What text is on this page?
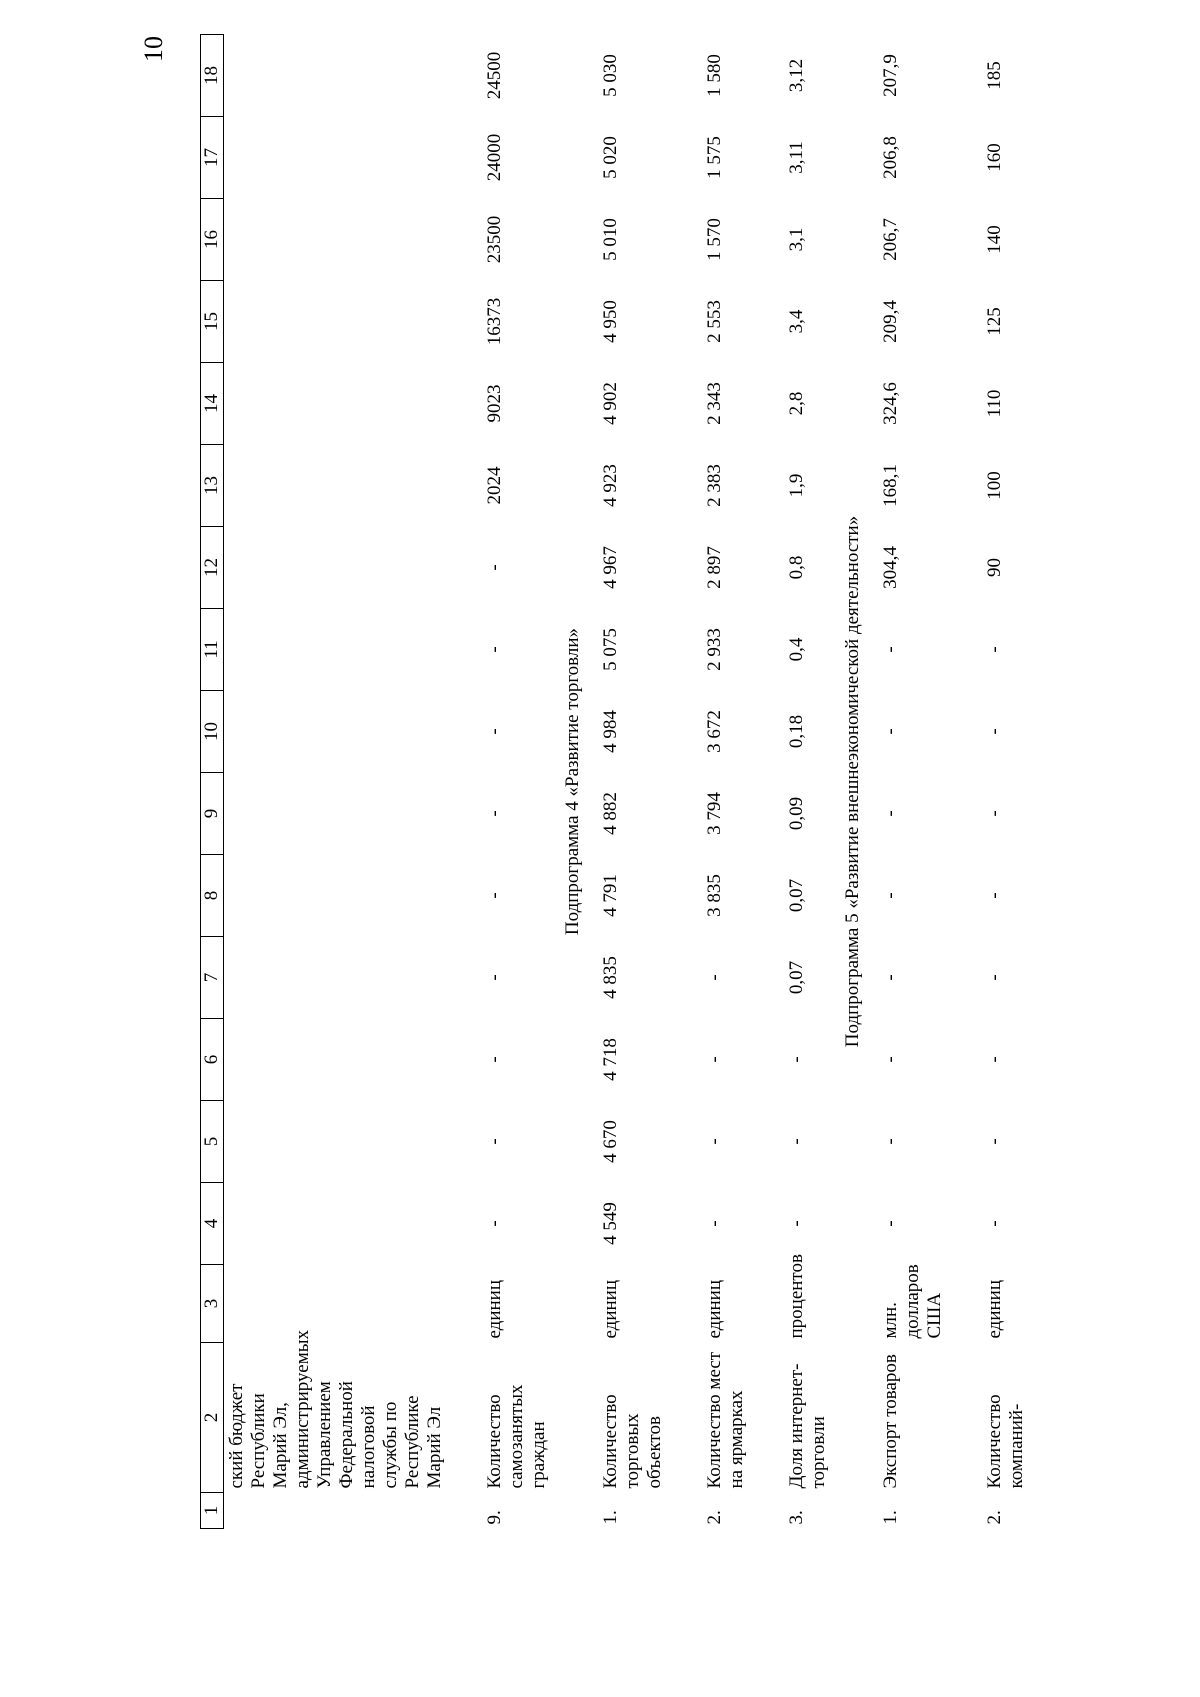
10
1	2	3	4	5	6	7	8	9	10	11	12	13	14	15	16	17	18
	ский бюджет Республики Марий Эл, администрируемых Управлением Федеральной налоговой службы по Республике Марий Эл																

9.	Количество самозанятых граждан	единиц	-	-	-	-	-	-	-	-	-	2024	9023	16373	23500	24000	24500
Подпрограмма 4 «Развитие торговли»																	
1.	Количество торговых объектов	единиц	4 549	4 670	4 718	4 835	4 791	4 882	4 984	5 075	4 967	4 923	4 902	4 950	5 010	5 020	5 030

2.	Количество мест на ярмарках	единиц	-	-	-	-	3 835	3 794	3 672	2 933	2 897	2 383	2 343	2 553	1 570	1 575	1 580

3.	Доля интернет-торговли	процентов	-	-	-	0,07	0,07	0,09	0,18	0,4	0,8	1,9	2,8	3,4	3,1	3,11	3,12
Подпрограмма 5 «Развитие внешнеэкономической деятельности»																	
1.	Экспорт товаров	млн. долларов США	-	-	-	-	-	-	-	-	304,4	168,1	324,6	209,4	206,7	206,8	207,9

2.	Количество компаний-	единиц	-	-	-	-	-	-	-	-	90	100	110	125	140	160	185
